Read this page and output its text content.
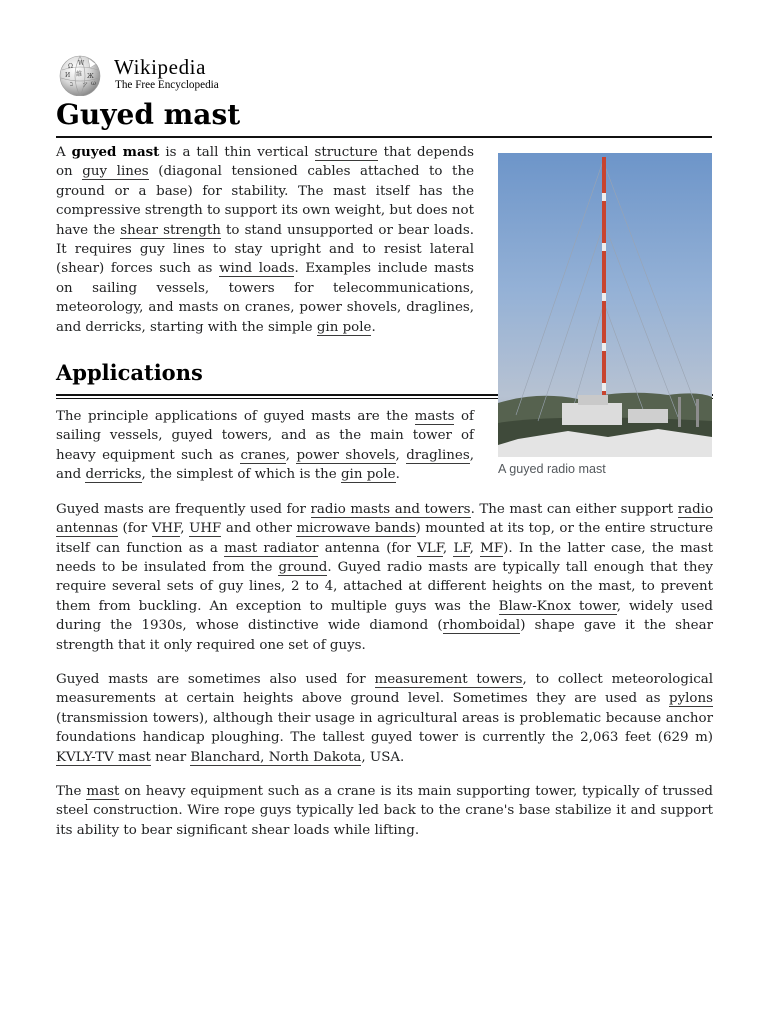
Ω W
И 維 Ж
ב ア ω
Wikipedia
The Free Encyclopedia
Guyed mast
A guyed radio mast

A guyed mast is a tall thin vertical structure that depends on guy lines (diagonal tensioned cables attached to the ground or a base) for stability. The mast itself has the compressive strength to support its own weight, but does not have the shear strength to stand unsupported or bear loads. It requires guy lines to stay upright and to resist lateral (shear) forces such as wind loads. Examples include masts on sailing vessels, towers for telecommunications, meteorology, and masts on cranes, power shovels, draglines, and derricks, starting with the simple gin pole.

Applications

The principle applications of guyed masts are the masts of sailing vessels, guyed towers, and as the main tower of heavy equipment such as cranes, power shovels, draglines, and derricks, the simplest of which is the gin pole.

Guyed masts are frequently used for radio masts and towers. The mast can either support radio antennas (for VHF, UHF and other microwave bands) mounted at its top, or the entire structure itself can function as a mast radiator antenna (for VLF, LF, MF). In the latter case, the mast needs to be insulated from the ground. Guyed radio masts are typically tall enough that they require several sets of guy lines, 2 to 4, attached at different heights on the mast, to prevent them from buckling. An exception to multiple guys was the Blaw-Knox tower, widely used during the 1930s, whose distinctive wide diamond (rhomboidal) shape gave it the shear strength that it only required one set of guys.

Guyed masts are sometimes also used for measurement towers, to collect meteorological measurements at certain heights above ground level. Sometimes they are used as pylons (transmission towers), although their usage in agricultural areas is problematic because anchor foundations handicap ploughing. The tallest guyed tower is currently the 2,063 feet (629 m) KVLY-TV mast near Blanchard, North Dakota, USA.

The mast on heavy equipment such as a crane is its main supporting tower, typically of trussed steel construction. Wire rope guys typically led back to the crane's base stabilize it and support its ability to bear significant shear loads while lifting.
